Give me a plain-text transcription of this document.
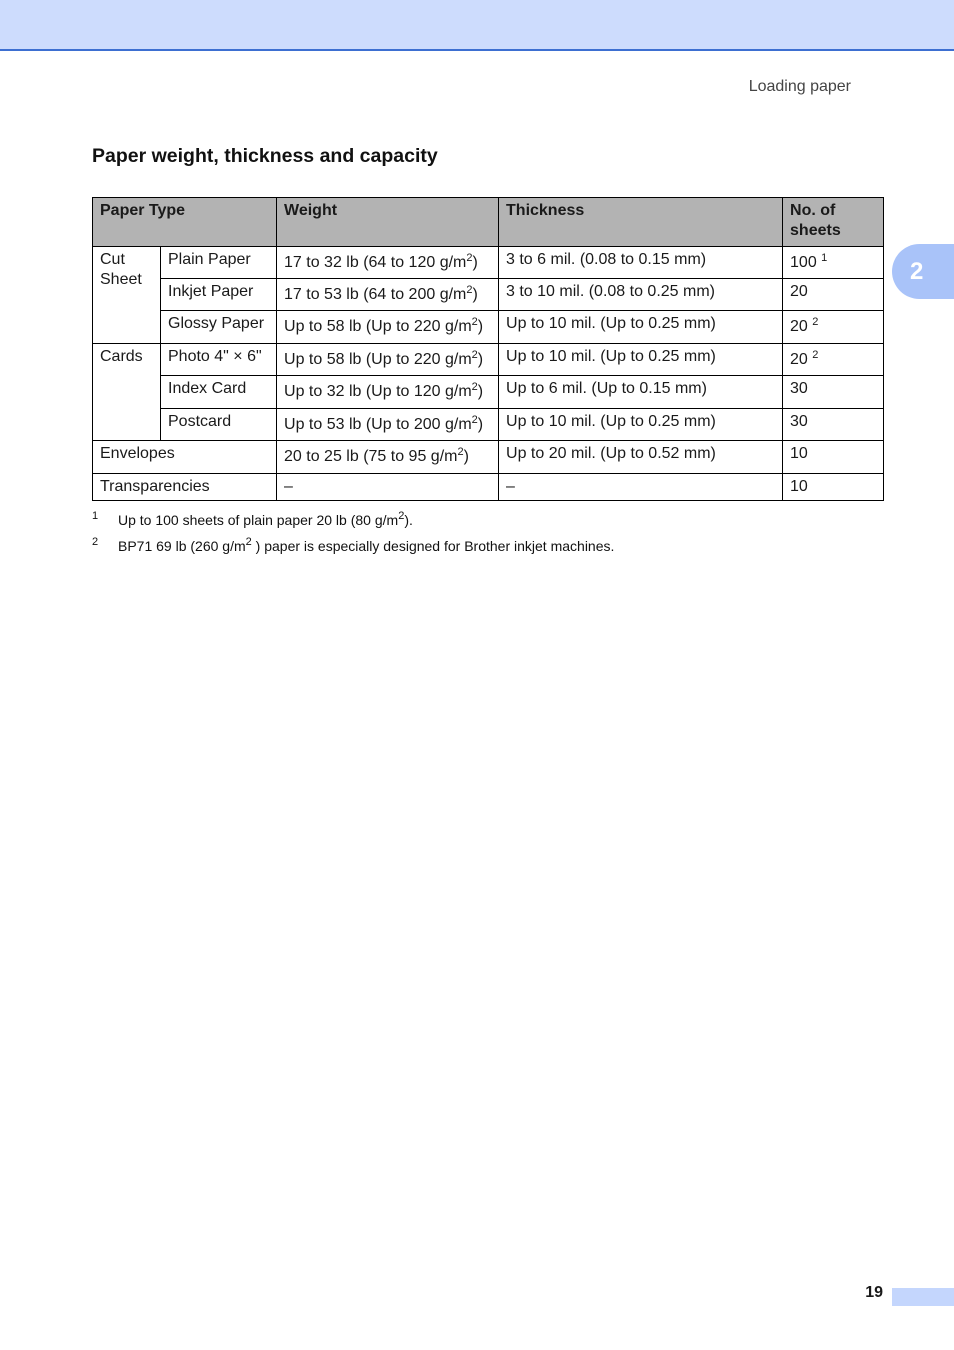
Loading paper
Paper weight, thickness and capacity
2
Paper Type		Weight	Thickness	No. of
sheets
Cut
Sheet	Plain Paper	17 to 32 lb (64 to 120 $g/m^2$)	3 to 6 mil. (0.08 to 0.15 mm)	100 $^1$
	Inkjet Paper	17 to 53 lb (64 to 200 $g/m^2$)	3 to 10 mil. (0.08 to 0.25 mm)	20
	Glossy Paper	Up to 58 lb (Up to 220 $g/m^2$)	Up to 10 mil. (Up to 0.25 mm)	20 $^2$
Cards	Photo 4" × 6"	Up to 58 lb (Up to 220 $g/m^2$)	Up to 10 mil. (Up to 0.25 mm)	20 $^2$
	Index Card	Up to 32 lb (Up to 120 $g/m^2$)	Up to 6 mil. (Up to 0.15 mm)	30
	Postcard	Up to 53 lb (Up to 200 $g/m^2$)	Up to 10 mil. (Up to 0.25 mm)	30
Envelopes		20 to 25 lb (75 to 95 $g/m^2$)	Up to 20 mil. (Up to 0.52 mm)	10
Transparencies		–	–	10
1 Up to 100 sheets of plain paper 20 lb (80 $g/m^2$).
2 BP71 69 lb (260 $g/m^2$ ) paper is especially designed for Brother inkjet machines.
19
